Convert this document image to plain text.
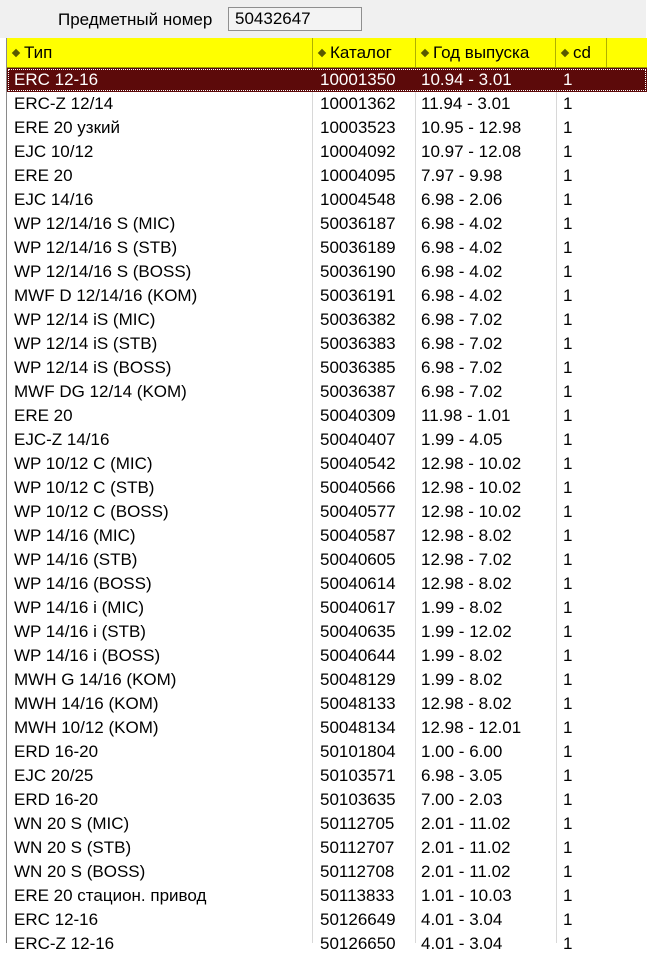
Предметный номер	50432647
Тип	Каталог	Год выпуска	cd
ERC 12-16	10001350	10.94 - 3.01	1
ERC-Z 12/14	10001362	11.94 - 3.01	1
ERE 20 узкий	10003523	10.95 - 12.98	1
EJC 10/12	10004092	10.97 - 12.08	1
ERE 20	10004095	7.97 - 9.98	1
EJC 14/16	10004548	6.98 - 2.06	1
WP 12/14/16 S (MIC)	50036187	6.98 - 4.02	1
WP 12/14/16 S (STB)	50036189	6.98 - 4.02	1
WP 12/14/16 S (BOSS)	50036190	6.98 - 4.02	1
MWF D 12/14/16 (KOM)	50036191	6.98 - 4.02	1
WP 12/14 iS (MIC)	50036382	6.98 - 7.02	1
WP 12/14 iS (STB)	50036383	6.98 - 7.02	1
WP 12/14 iS (BOSS)	50036385	6.98 - 7.02	1
MWF DG 12/14 (KOM)	50036387	6.98 - 7.02	1
ERE 20	50040309	11.98 - 1.01	1
EJC-Z 14/16	50040407	1.99 - 4.05	1
WP 10/12 C (MIC)	50040542	12.98 - 10.02	1
WP 10/12 C (STB)	50040566	12.98 - 10.02	1
WP 10/12 C (BOSS)	50040577	12.98 - 10.02	1
WP 14/16 (MIC)	50040587	12.98 - 8.02	1
WP 14/16 (STB)	50040605	12.98 - 7.02	1
WP 14/16 (BOSS)	50040614	12.98 - 8.02	1
WP 14/16 i (MIC)	50040617	1.99 - 8.02	1
WP 14/16 i (STB)	50040635	1.99 - 12.02	1
WP 14/16 i (BOSS)	50040644	1.99 - 8.02	1
MWH G 14/16 (KOM)	50048129	1.99 - 8.02	1
MWH 14/16 (KOM)	50048133	12.98 - 8.02	1
MWH 10/12 (KOM)	50048134	12.98 - 12.01	1
ERD 16-20	50101804	1.00 - 6.00	1
EJC 20/25	50103571	6.98 - 3.05	1
ERD 16-20	50103635	7.00 - 2.03	1
WN 20 S (MIC)	50112705	2.01 - 11.02	1
WN 20 S (STB)	50112707	2.01 - 11.02	1
WN 20 S (BOSS)	50112708	2.01 - 11.02	1
ERE 20 стацион. привод	50113833	1.01 - 10.03	1
ERC 12-16	50126649	4.01 - 3.04	1
ERC-Z 12-16	50126650	4.01 - 3.04	1
